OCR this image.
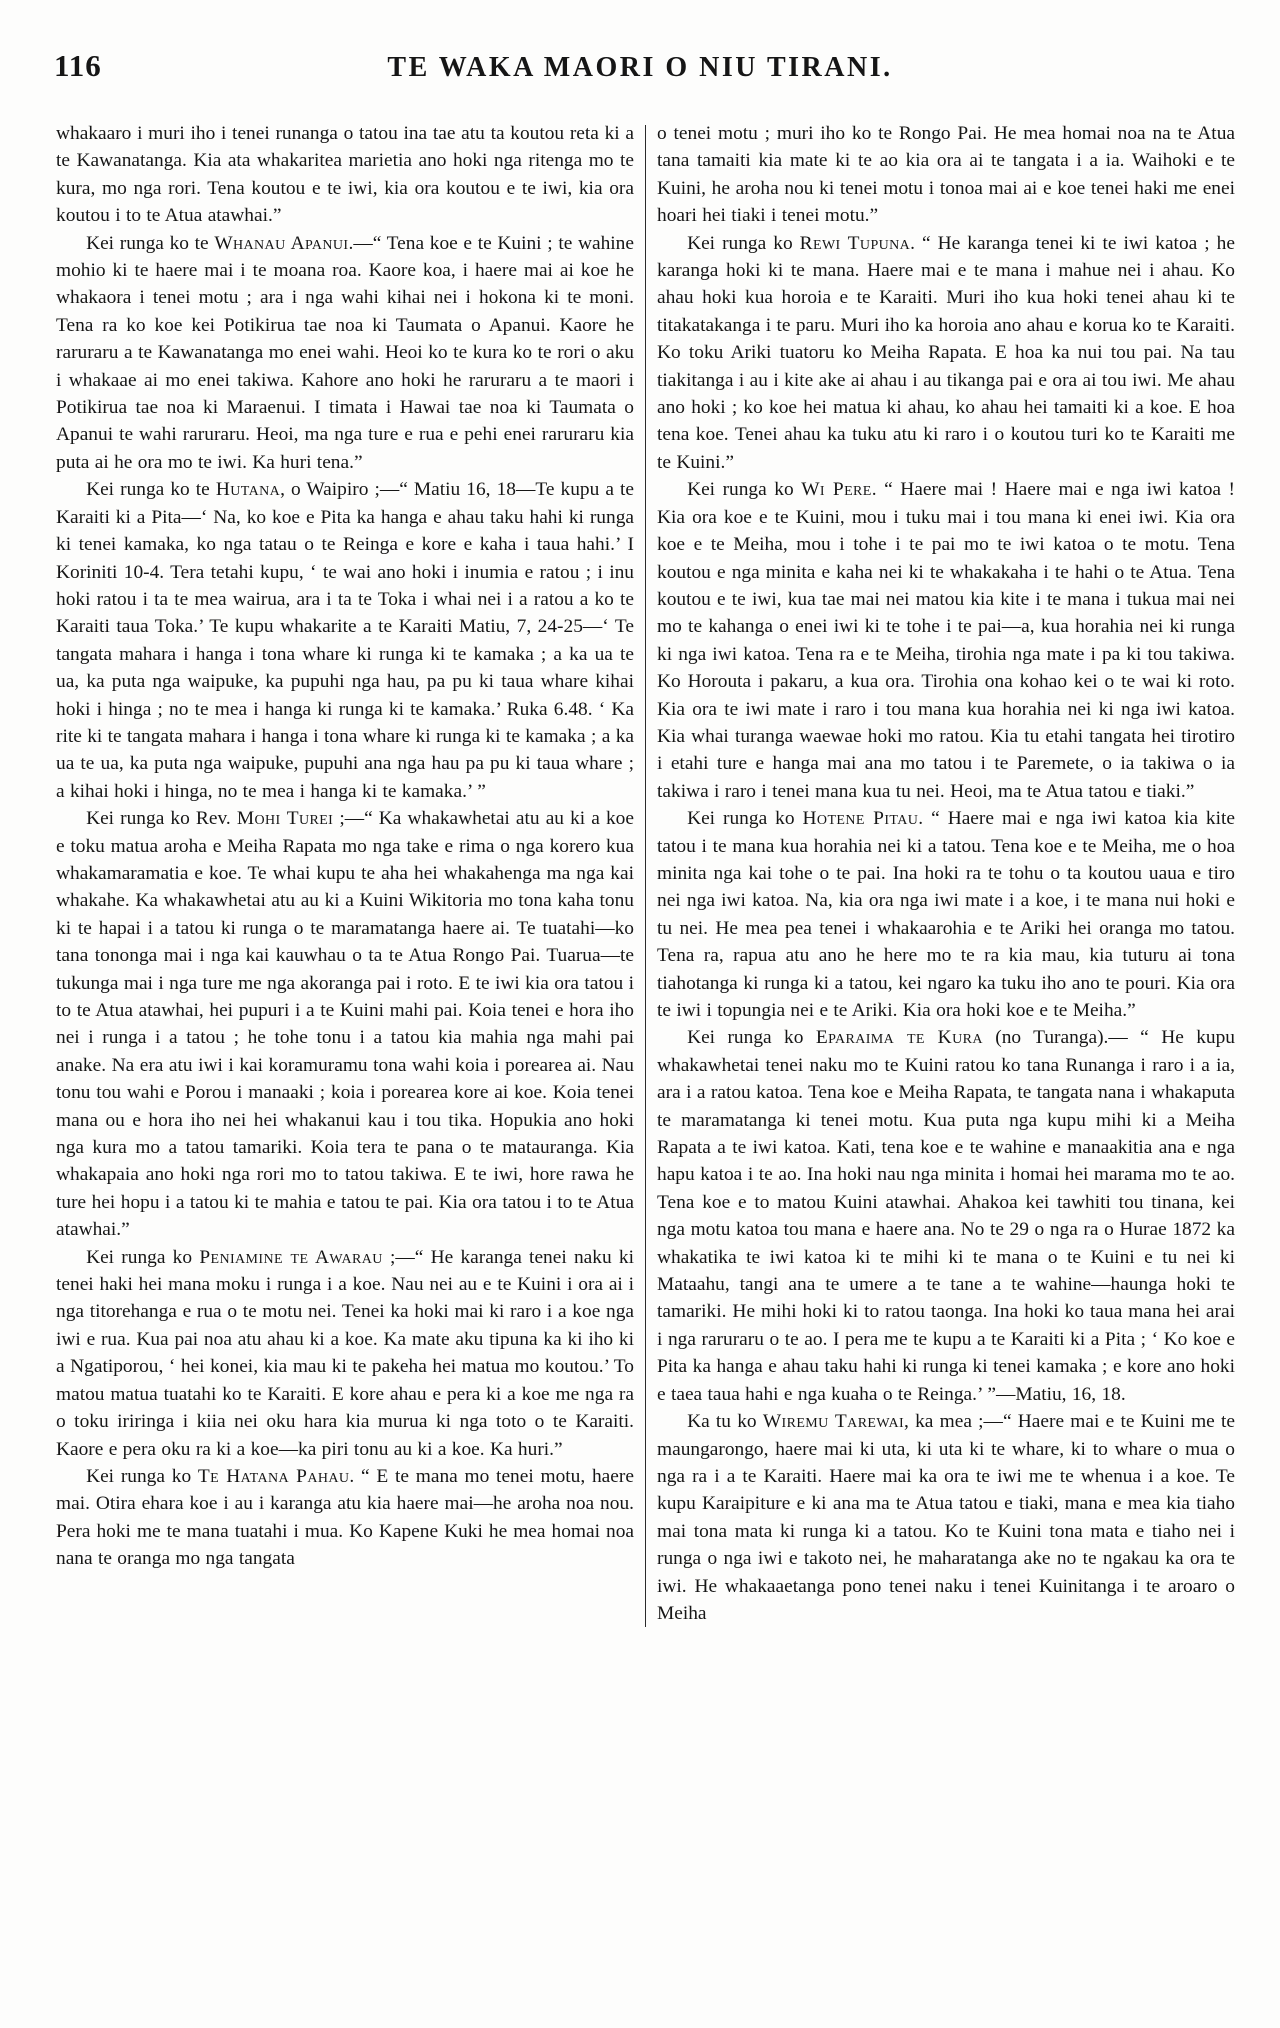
116	TE WAKA MAORI O NIU TIRANI.

whakaaro i muri iho i tenei runanga o tatou ina tae atu ta koutou reta ki a te Kawanatanga. Kia ata whakaritea marietia ano hoki nga ritenga mo te kura, mo nga rori. Tena koutou e te iwi, kia ora koutou e te iwi, kia ora koutou i to te Atua atawhai.”

Kei runga ko te Whanau Apanui.—“ Tena koe e te Kuini ; te wahine mohio ki te haere mai i te moana roa. Kaore koa, i haere mai ai koe he whakaora i tenei motu ; ara i nga wahi kihai nei i hokona ki te moni. Tena ra ko koe kei Potikirua tae noa ki Taumata o Apanui. Kaore he raruraru a te Kawanatanga mo enei wahi. Heoi ko te kura ko te rori o aku i whakaae ai mo enei takiwa. Kahore ano hoki he raruraru a te maori i Potikirua tae noa ki Maraenui. I timata i Hawai tae noa ki Taumata o Apanui te wahi raruraru. Heoi, ma nga ture e rua e pehi enei raruraru kia puta ai he ora mo te iwi. Ka huri tena.”

Kei runga ko te Hutana, o Waipiro ;—“ Matiu 16, 18—Te kupu a te Karaiti ki a Pita—‘ Na, ko koe e Pita ka hanga e ahau taku hahi ki runga ki tenei kamaka, ko nga tatau o te Reinga e kore e kaha i taua hahi.’ I Koriniti 10-4. Tera tetahi kupu, ‘ te wai ano hoki i inumia e ratou ; i inu hoki ratou i ta te mea wairua, ara i ta te Toka i whai nei i a ratou a ko te Karaiti taua Toka.’ Te kupu whakarite a te Karaiti Matiu, 7, 24-25—‘ Te tangata mahara i hanga i tona whare ki runga ki te kamaka ; a ka ua te ua, ka puta nga waipuke, ka pupuhi nga hau, pa pu ki taua whare kihai hoki i hinga ; no te mea i hanga ki runga ki te kamaka.’ Ruka 6.48. ‘ Ka rite ki te tangata mahara i hanga i tona whare ki runga ki te kamaka ; a ka ua te ua, ka puta nga waipuke, pupuhi ana nga hau pa pu ki taua whare ; a kihai hoki i hinga, no te mea i hanga ki te kamaka.’ ”

Kei runga ko Rev. Mohi Turei ;—“ Ka whakawhetai atu au ki a koe e toku matua aroha e Meiha Rapata mo nga take e rima o nga korero kua whakamaramatia e koe. Te whai kupu te aha hei whakahenga ma nga kai whakahe. Ka whakawhetai atu au ki a Kuini Wikitoria mo tona kaha tonu ki te hapai i a tatou ki runga o te maramatanga haere ai. Te tuatahi—ko tana tononga mai i nga kai kauwhau o ta te Atua Rongo Pai. Tuarua—te tukunga mai i nga ture me nga akoranga pai i roto. E te iwi kia ora tatou i to te Atua atawhai, hei pupuri i a te Kuini mahi pai. Koia tenei e hora iho nei i runga i a tatou ; he tohe tonu i a tatou kia mahia nga mahi pai anake. Na era atu iwi i kai koramuramu tona wahi koia i porearea ai. Nau tonu tou wahi e Porou i manaaki ; koia i porearea kore ai koe. Koia tenei mana ou e hora iho nei hei whakanui kau i tou tika. Hopukia ano hoki nga kura mo a tatou tamariki. Koia tera te pana o te matauranga. Kia whakapaia ano hoki nga rori mo to tatou takiwa. E te iwi, hore rawa he ture hei hopu i a tatou ki te mahia e tatou te pai. Kia ora tatou i to te Atua atawhai.”

Kei runga ko Peniamine te Awarau ;—“ He karanga tenei naku ki tenei haki hei mana moku i runga i a koe. Nau nei au e te Kuini i ora ai i nga titorehanga e rua o te motu nei. Tenei ka hoki mai ki raro i a koe nga iwi e rua. Kua pai noa atu ahau ki a koe. Ka mate aku tipuna ka ki iho ki a Ngatiporou, ‘ hei konei, kia mau ki te pakeha hei matua mo koutou.’ To matou matua tuatahi ko te Karaiti. E kore ahau e pera ki a koe me nga ra o toku iriringa i kiia nei oku hara kia murua ki nga toto o te Karaiti. Kaore e pera oku ra ki a koe—ka piri tonu au ki a koe. Ka huri.”

Kei runga ko Te Hatana Pahau. “ E te mana mo tenei motu, haere mai. Otira ehara koe i au i karanga atu kia haere mai—he aroha noa nou. Pera hoki me te mana tuatahi i mua. Ko Kapene Kuki he mea homai noa nana te oranga mo nga tangata

o tenei motu ; muri iho ko te Rongo Pai. He mea homai noa na te Atua tana tamaiti kia mate ki te ao kia ora ai te tangata i a ia. Waihoki e te Kuini, he aroha nou ki tenei motu i tonoa mai ai e koe tenei haki me enei hoari hei tiaki i tenei motu.”

Kei runga ko Rewi Tupuna. “ He karanga tenei ki te iwi katoa ; he karanga hoki ki te mana. Haere mai e te mana i mahue nei i ahau. Ko ahau hoki kua horoia e te Karaiti. Muri iho kua hoki tenei ahau ki te titakatakanga i te paru. Muri iho ka horoia ano ahau e korua ko te Karaiti. Ko toku Ariki tuatoru ko Meiha Rapata. E hoa ka nui tou pai. Na tau tiakitanga i au i kite ake ai ahau i au tikanga pai e ora ai tou iwi. Me ahau ano hoki ; ko koe hei matua ki ahau, ko ahau hei tamaiti ki a koe. E hoa tena koe. Tenei ahau ka tuku atu ki raro i o koutou turi ko te Karaiti me te Kuini.”

Kei runga ko Wi Pere. “ Haere mai ! Haere mai e nga iwi katoa ! Kia ora koe e te Kuini, mou i tuku mai i tou mana ki enei iwi. Kia ora koe e te Meiha, mou i tohe i te pai mo te iwi katoa o te motu. Tena koutou e nga minita e kaha nei ki te whakakaha i te hahi o te Atua. Tena koutou e te iwi, kua tae mai nei matou kia kite i te mana i tukua mai nei mo te kahanga o enei iwi ki te tohe i te pai—a, kua horahia nei ki runga ki nga iwi katoa. Tena ra e te Meiha, tirohia nga mate i pa ki tou takiwa. Ko Horouta i pakaru, a kua ora. Tirohia ona kohao kei o te wai ki roto. Kia ora te iwi mate i raro i tou mana kua horahia nei ki nga iwi katoa. Kia whai turanga waewae hoki mo ratou. Kia tu etahi tangata hei tirotiro i etahi ture e hanga mai ana mo tatou i te Paremete, o ia takiwa o ia takiwa i raro i tenei mana kua tu nei. Heoi, ma te Atua tatou e tiaki.”

Kei runga ko Hotene Pitau. “ Haere mai e nga iwi katoa kia kite tatou i te mana kua horahia nei ki a tatou. Tena koe e te Meiha, me o hoa minita nga kai tohe o te pai. Ina hoki ra te tohu o ta koutou uaua e tiro nei nga iwi katoa. Na, kia ora nga iwi mate i a koe, i te mana nui hoki e tu nei. He mea pea tenei i whakaarohia e te Ariki hei oranga mo tatou. Tena ra, rapua atu ano he here mo te ra kia mau, kia tuturu ai tona tiahotanga ki runga ki a tatou, kei ngaro ka tuku iho ano te pouri. Kia ora te iwi i topungia nei e te Ariki. Kia ora hoki koe e te Meiha.”

Kei runga ko Eparaima te Kura (no Turanga).— “ He kupu whakawhetai tenei naku mo te Kuini ratou ko tana Runanga i raro i a ia, ara i a ratou katoa. Tena koe e Meiha Rapata, te tangata nana i whakaputa te maramatanga ki tenei motu. Kua puta nga kupu mihi ki a Meiha Rapata a te iwi katoa. Kati, tena koe e te wahine e manaakitia ana e nga hapu katoa i te ao. Ina hoki nau nga minita i homai hei marama mo te ao. Tena koe e to matou Kuini atawhai. Ahakoa kei tawhiti tou tinana, kei nga motu katoa tou mana e haere ana. No te 29 o nga ra o Hurae 1872 ka whakatika te iwi katoa ki te mihi ki te mana o te Kuini e tu nei ki Mataahu, tangi ana te umere a te tane a te wahine—haunga hoki te tamariki. He mihi hoki ki to ratou taonga. Ina hoki ko taua mana hei arai i nga raruraru o te ao. I pera me te kupu a te Karaiti ki a Pita ; ‘ Ko koe e Pita ka hanga e ahau taku hahi ki runga ki tenei kamaka ; e kore ano hoki e taea taua hahi e nga kuaha o te Reinga.’ ”—Matiu, 16, 18.

Ka tu ko Wiremu Tarewai, ka mea ;—“ Haere mai e te Kuini me te maungarongo, haere mai ki uta, ki uta ki te whare, ki to whare o mua o nga ra i a te Karaiti. Haere mai ka ora te iwi me te whenua i a koe. Te kupu Karaipiture e ki ana ma te Atua tatou e tiaki, mana e mea kia tiaho mai tona mata ki runga ki a tatou. Ko te Kuini tona mata e tiaho nei i runga o nga iwi e takoto nei, he maharatanga ake no te ngakau ka ora te iwi. He whakaaetanga pono tenei naku i tenei Kuinitanga i te aroaro o Meiha
